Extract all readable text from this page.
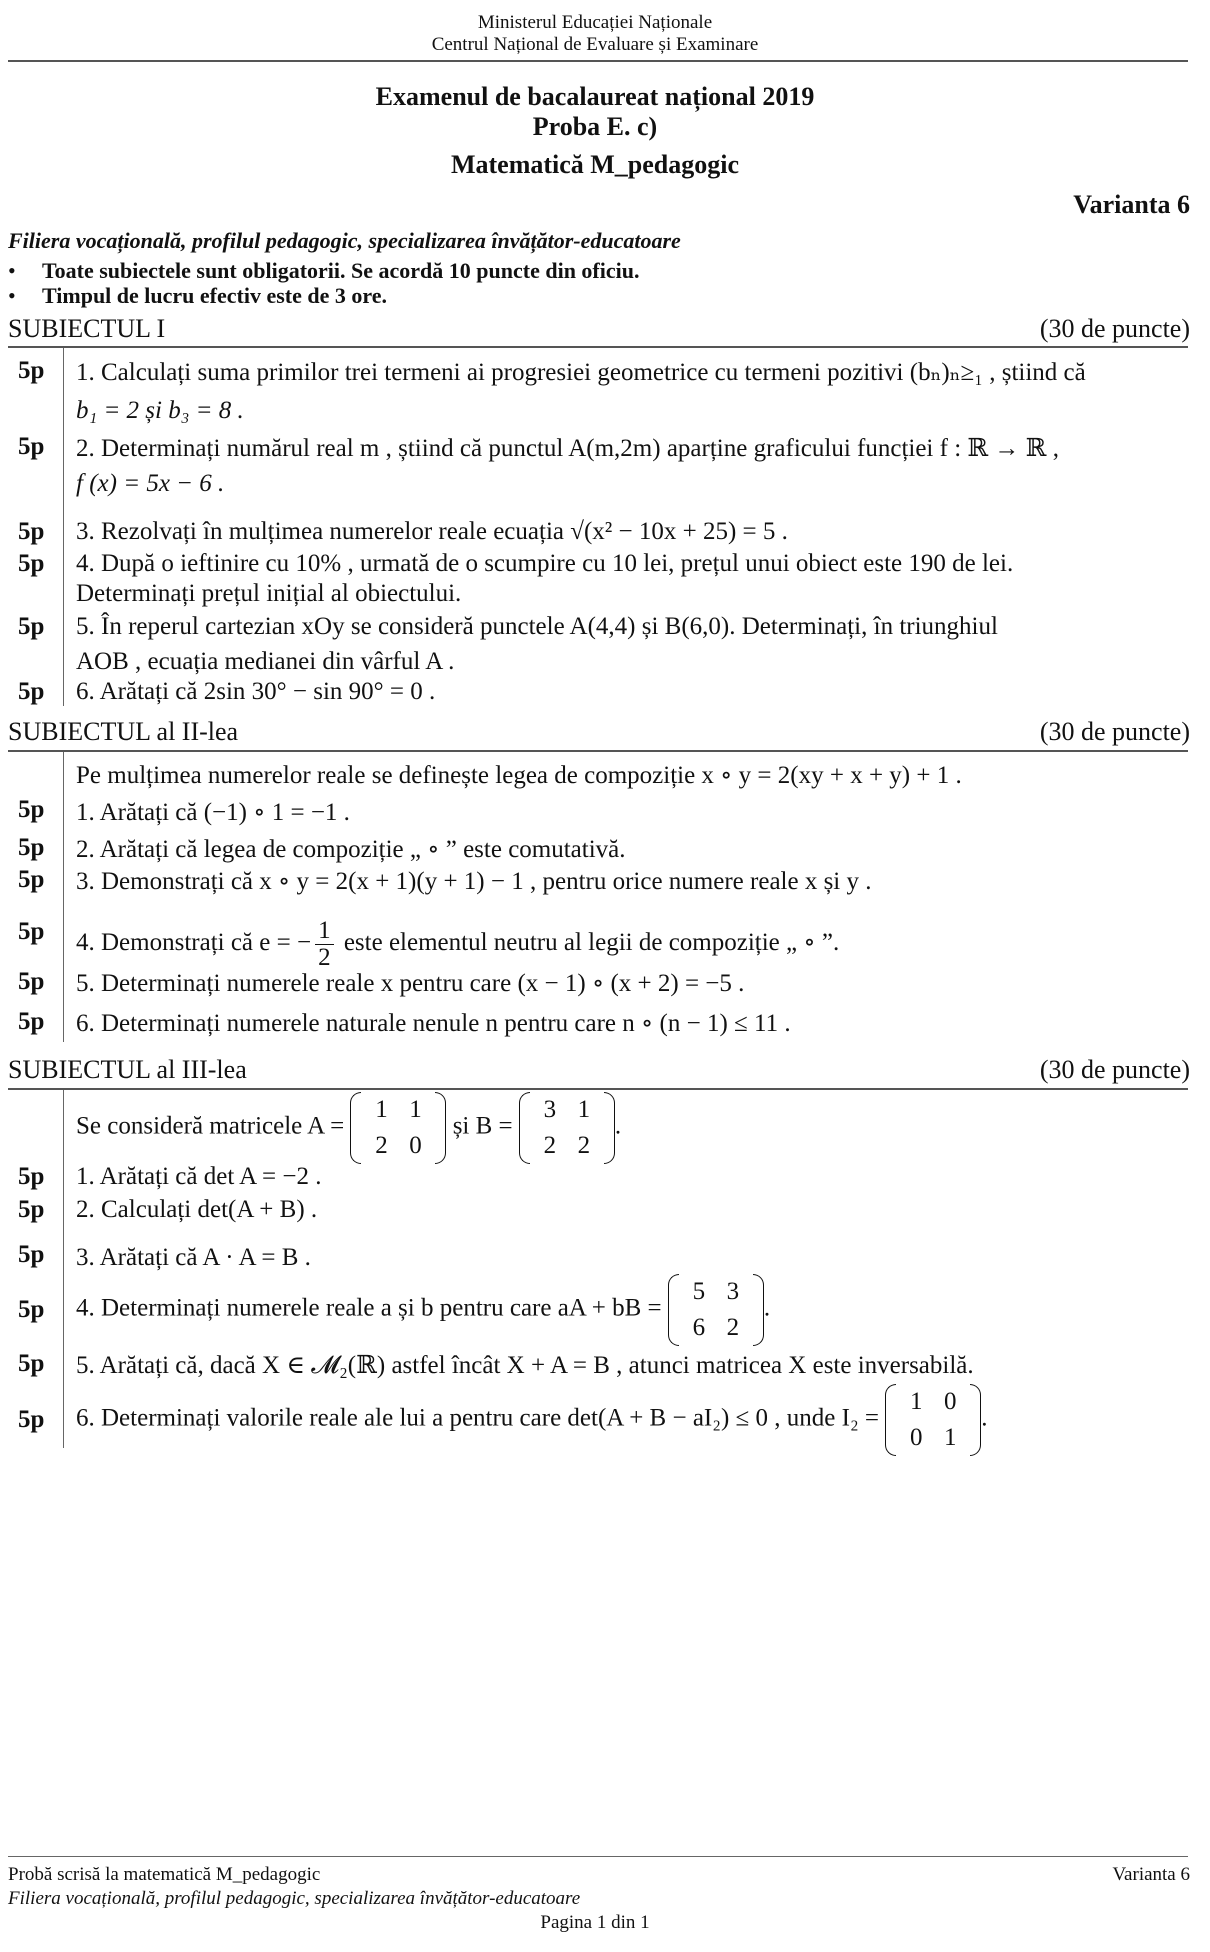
Ministerul Educației Naționale
Centrul Național de Evaluare și Examinare
Examenul de bacalaureat național 2019
Proba E. c)
Matematică M_pedagogic
Varianta 6
Filiera vocațională, profilul pedagogic, specializarea învățător-educatoare
• Toate subiectele sunt obligatorii. Se acordă 10 puncte din oficiu.
• Timpul de lucru efectiv este de 3 ore.
SUBIECTUL I	(30 de puncte)
5p 1. Calculați suma primilor trei termeni ai progresiei geometrice cu termeni pozitivi (bₙ)ₙ≥₁ , știind că
b₁ = 2 și b₃ = 8 .
5p 2. Determinați numărul real m , știind că punctul A(m,2m) aparține graficului funcției f : ℝ → ℝ ,
f (x) = 5x − 6 .
5p 3. Rezolvați în mulțimea numerelor reale ecuația √(x² − 10x + 25) = 5 .
5p 4. După o ieftinire cu 10% , urmată de o scumpire cu 10 lei, prețul unui obiect este 190 de lei.
Determinați prețul inițial al obiectului.
5p 5. În reperul cartezian xOy se consideră punctele A(4,4) și B(6,0). Determinați, în triunghiul
AOB , ecuația medianei din vârful A .
5p 6. Arătați că 2sin 30° − sin 90° = 0 .
SUBIECTUL al II-lea	(30 de puncte)
Pe mulțimea numerelor reale se definește legea de compoziție x ∘ y = 2(xy + x + y) + 1 .
5p 1. Arătați că (−1) ∘ 1 = −1 .
5p 2. Arătați că legea de compoziție „ ∘ ” este comutativă.
5p 3. Demonstrați că x ∘ y = 2(x + 1)(y + 1) − 1 , pentru orice numere reale x și y .
5p 4. Demonstrați că e = − $\frac{1}{2}$ este elementul neutru al legii de compoziție „ ∘ ”.
5p 5. Determinați numerele reale x pentru care (x − 1) ∘ (x + 2) = −5 .
5p 6. Determinați numerele naturale nenule n pentru care n ∘ (n − 1) ≤ 11 .
SUBIECTUL al III-lea	(30 de puncte)
Se consideră matricele A =
1 1
2 0
și B =
3 1
2 2
.
5p 1. Arătați că det A = −2 .
5p 2. Calculați det(A + B) .
5p 3. Arătați că A · A = B .
5p 4. Determinați numerele reale a și b pentru care aA + bB =
5 3
6 2
.
5p 5. Arătați că, dacă X ∈ 𝓜₂(ℝ) astfel încât X + A = B , atunci matricea X este inversabilă.
5p 6. Determinați valorile reale ale lui a pentru care det(A + B − aI₂) ≤ 0 , unde I₂ =
1 0
0 1
.
Probă scrisă la matematică M_pedagogic	Varianta 6
Filiera vocațională, profilul pedagogic, specializarea învățător-educatoare
Pagina 1 din 1
